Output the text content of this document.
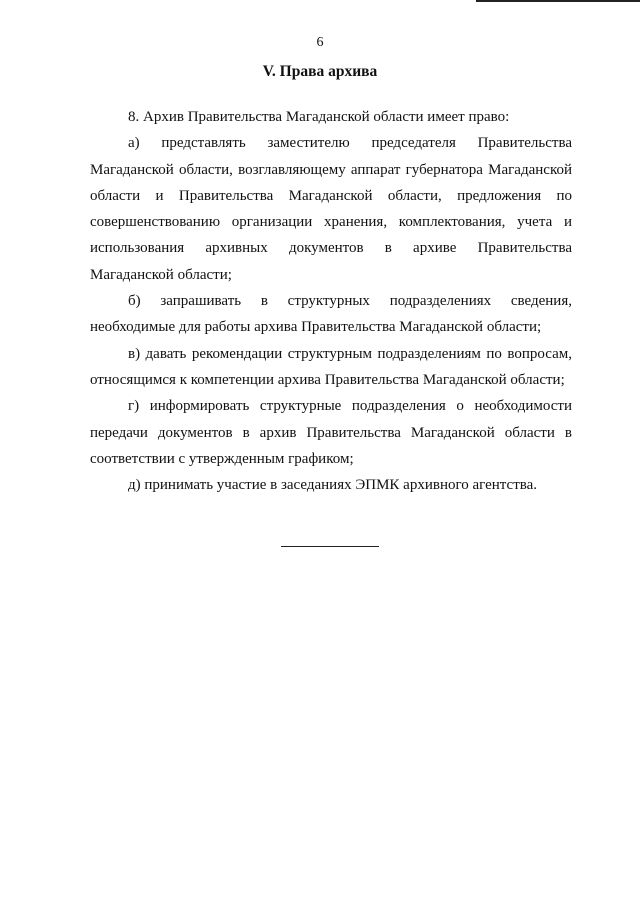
6
V. Права архива

8. Архив Правительства Магаданской области имеет право:

а) представлять заместителю председателя Правительства Магаданской области, возглавляющему аппарат губернатора Магаданской области и Правительства Магаданской области, предложения по совершенствованию организации хранения, комплектования, учета и использования архивных документов в архиве Правительства Магаданской области;

б) запрашивать в структурных подразделениях сведения, необходимые для работы архива Правительства Магаданской области;

в) давать рекомендации структурным подразделениям по вопросам, относящимся к компетенции архива Правительства Магаданской области;

г) информировать структурные подразделения о необходимости передачи документов в архив Правительства Магаданской области в соответствии с утвержденным графиком;

д) принимать участие в заседаниях ЭПМК архивного агентства.
